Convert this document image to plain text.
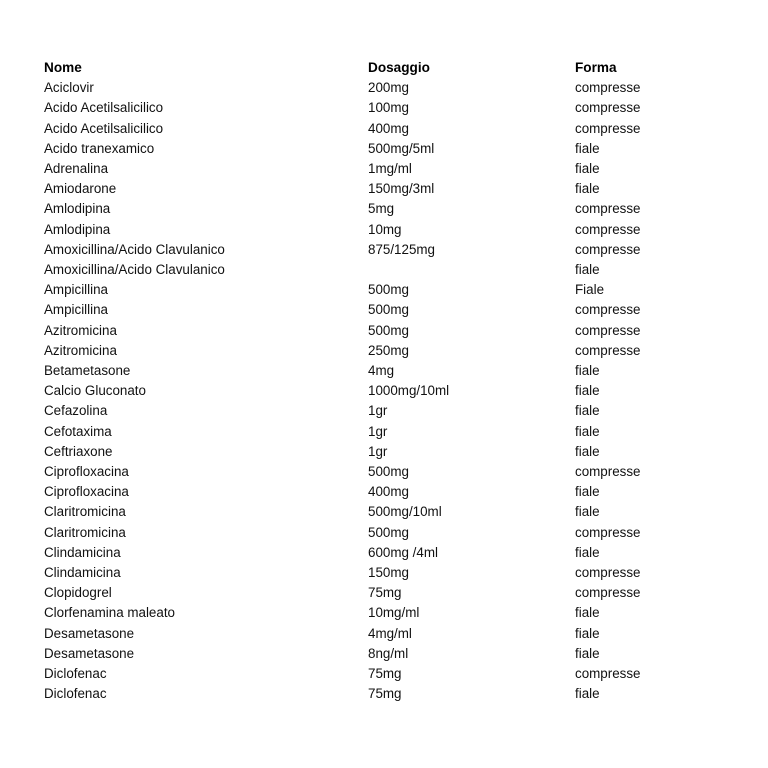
Nome	Dosaggio	Forma
Aciclovir	200mg	compresse
Acido Acetilsalicilico	100mg	compresse
Acido Acetilsalicilico	400mg	compresse
Acido tranexamico	500mg/5ml	fiale
Adrenalina	1mg/ml	fiale
Amiodarone	150mg/3ml	fiale
Amlodipina	5mg	compresse
Amlodipina	10mg	compresse
Amoxicillina/Acido Clavulanico	875/125mg	compresse
Amoxicillina/Acido Clavulanico		fiale
Ampicillina	500mg	Fiale
Ampicillina	500mg	compresse
Azitromicina	500mg	compresse
Azitromicina	250mg	compresse
Betametasone	4mg	fiale
Calcio Gluconato	1000mg/10ml	fiale
Cefazolina	1gr	fiale
Cefotaxima	1gr	fiale
Ceftriaxone	1gr	fiale
Ciprofloxacina	500mg	compresse
Ciprofloxacina	400mg	fiale
Claritromicina	500mg/10ml	fiale
Claritromicina	500mg	compresse
Clindamicina	600mg /4ml	fiale
Clindamicina	150mg	compresse
Clopidogrel	75mg	compresse
Clorfenamina maleato	10mg/ml	fiale
Desametasone	4mg/ml	fiale
Desametasone	8ng/ml	fiale
Diclofenac	75mg	compresse
Diclofenac	75mg	fiale
